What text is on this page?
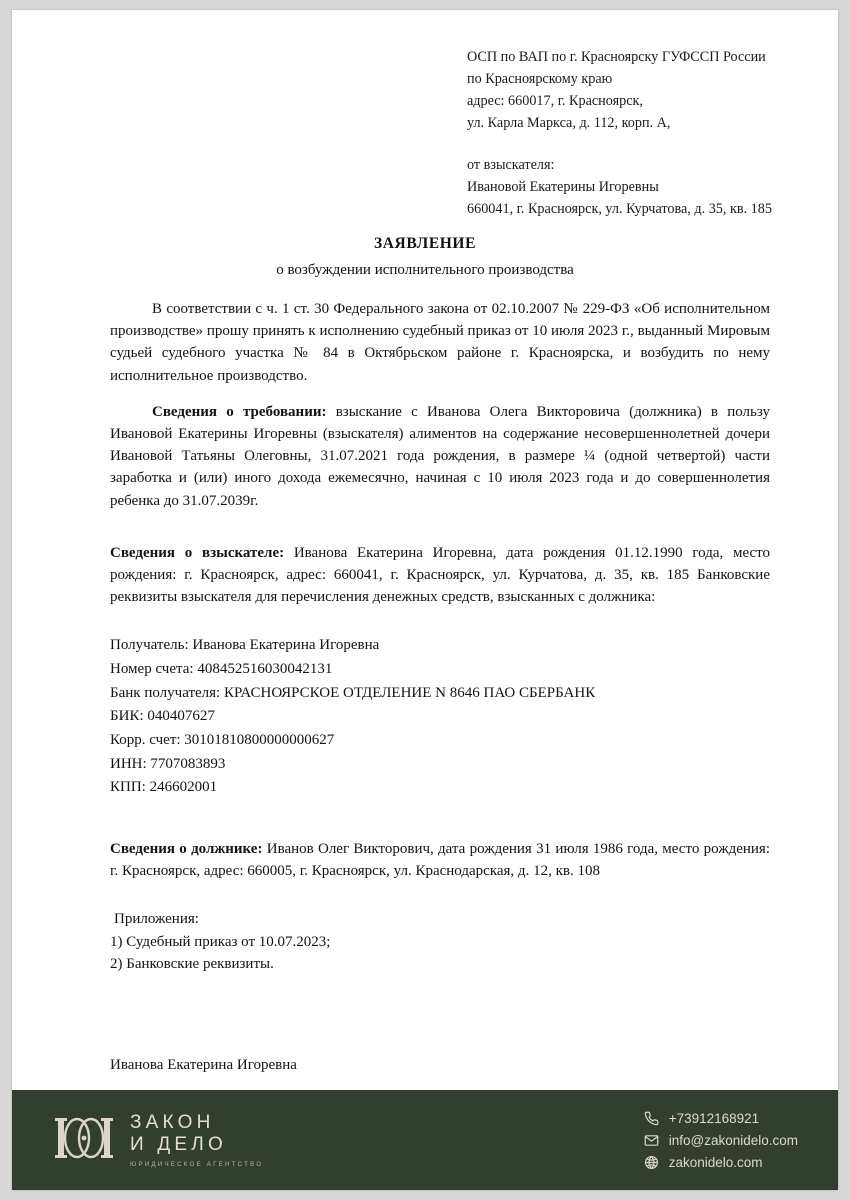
ОСП по ВАП по г. Красноярску ГУФССП России
по Красноярскому краю
адрес: 660017, г. Красноярск,
ул. Карла Маркса, д. 112, корп. А,
от взыскателя:
Ивановой Екатерины Игоревны
660041, г. Красноярск, ул. Курчатова, д. 35, кв. 185
ЗАЯВЛЕНИЕ
о возбуждении исполнительного производства

В соответствии с ч. 1 ст. 30 Федерального закона от 02.10.2007 № 229-ФЗ «Об исполнительном производстве» прошу принять к исполнению судебный приказ от 10 июля 2023 г., выданный Мировым судьей судебного участка № 84 в Октябрьском районе г. Красноярска, и возбудить по нему исполнительное производство.

Сведения о требовании: взыскание с Иванова Олега Викторовича (должника) в пользу Ивановой Екатерины Игоревны (взыскателя) алиментов на содержание несовершеннолетней дочери Ивановой Татьяны Олеговны, 31.07.2021 года рождения, в размере ¼ (одной четвертой) части заработка и (или) иного дохода ежемесячно, начиная с 10 июля 2023 года и до совершеннолетия ребенка до 31.07.2039г.

Сведения о взыскателе: Иванова Екатерина Игоревна, дата рождения 01.12.1990 года, место рождения: г. Красноярск, адрес: 660041, г. Красноярск, ул. Курчатова, д. 35, кв. 185 Банковские реквизиты взыскателя для перечисления денежных средств, взысканных с должника:

Получатель: Иванова Екатерина Игоревна
Номер счета: 408452516030042131
Банк получателя: КРАСНОЯРСКОЕ ОТДЕЛЕНИЕ N 8646 ПАО СБЕРБАНК
БИК: 040407627
Корр. счет: 30101810800000000627
ИНН: 7707083893
КПП: 246602001

Сведения о должнике: Иванов Олег Викторович, дата рождения 31 июля 1986 года, место рождения: г. Красноярск, адрес: 660005, г. Красноярск, ул. Краснодарская, д. 12, кв. 108

Приложения:
1) Судебный приказ от 10.07.2023;
2) Банковские реквизиты.
Иванова Екатерина Игоревна
ЗАКОН
И ДЕЛО
ЮРИДИЧЕСКОЕ АГЕНТСТВО
+73912168921
info@zakonidelo.com
zakonidelo.com
